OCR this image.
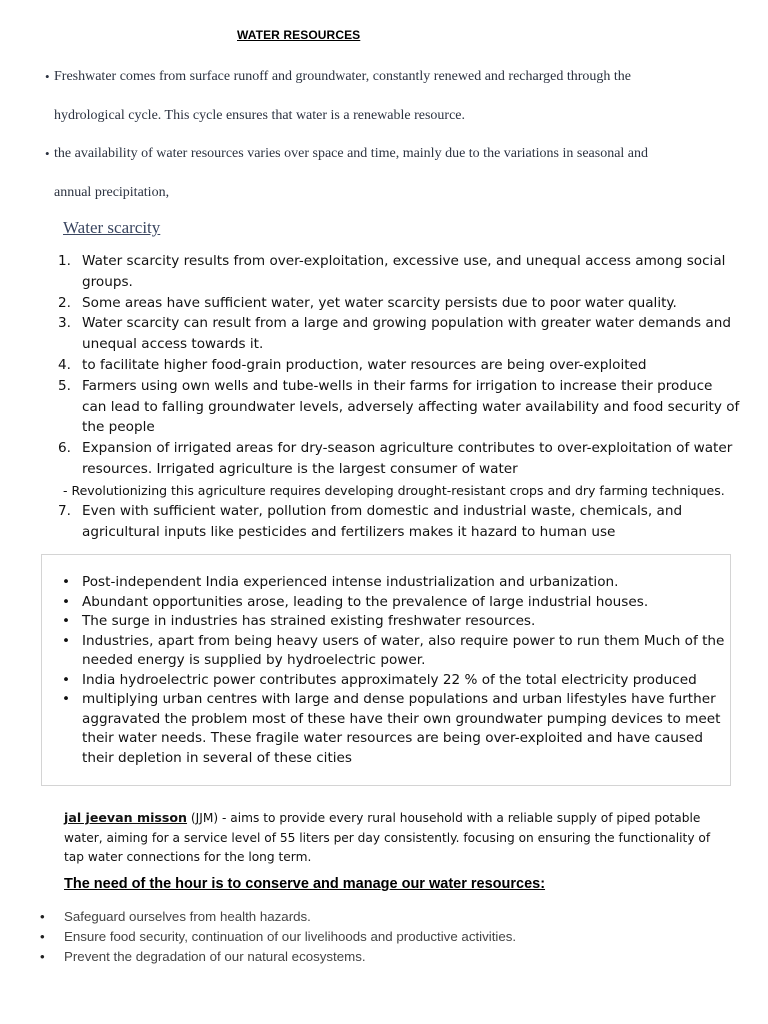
WATER RESOURCES
• Freshwater comes from surface runoff and groundwater, constantly renewed and recharged through the
hydrological cycle. This cycle ensures that water is a renewable resource.
• the availability of water resources varies over space and time, mainly due to the variations in seasonal and
annual precipitation,
Water scarcity
1. Water scarcity results from over-exploitation, excessive use, and unequal access among social groups.
2. Some areas have sufficient water, yet water scarcity persists due to poor water quality.
3. Water scarcity can result from a large and growing population with greater water demands and unequal access towards it.
4. to facilitate higher food-grain production, water resources are being over-exploited
5. Farmers using own wells and tube-wells in their farms for irrigation to increase their produce can lead to falling groundwater levels, adversely affecting water availability and food security of the people
6. Expansion of irrigated areas for dry-season agriculture contributes to over-exploitation of water resources. Irrigated agriculture is the largest consumer of water
- Revolutionizing this agriculture requires developing drought-resistant crops and dry farming techniques.
7. Even with sufficient water, pollution from domestic and industrial waste, chemicals, and agricultural inputs like pesticides and fertilizers makes it hazard to human use
• Post-independent India experienced intense industrialization and urbanization.
• Abundant opportunities arose, leading to the prevalence of large industrial houses.
• The surge in industries has strained existing freshwater resources.
• Industries, apart from being heavy users of water, also require power to run them Much of the needed energy is supplied by hydroelectric power.
• India hydroelectric power contributes approximately 22 % of the total electricity produced
• multiplying urban centres with large and dense populations and urban lifestyles have further aggravated the problem most of these have their own groundwater pumping devices to meet their water needs. These fragile water resources are being over-exploited and have caused their depletion in several of these cities
jal jeevan misson (JJM) - aims to provide every rural household with a reliable supply of piped potable water, aiming for a service level of 55 liters per day consistently. focusing on ensuring the functionality of tap water connections for the long term.
The need of the hour is to conserve and manage our water resources:
• Safeguard ourselves from health hazards.
• Ensure food security, continuation of our livelihoods and productive activities.
• Prevent the degradation of our natural ecosystems.
